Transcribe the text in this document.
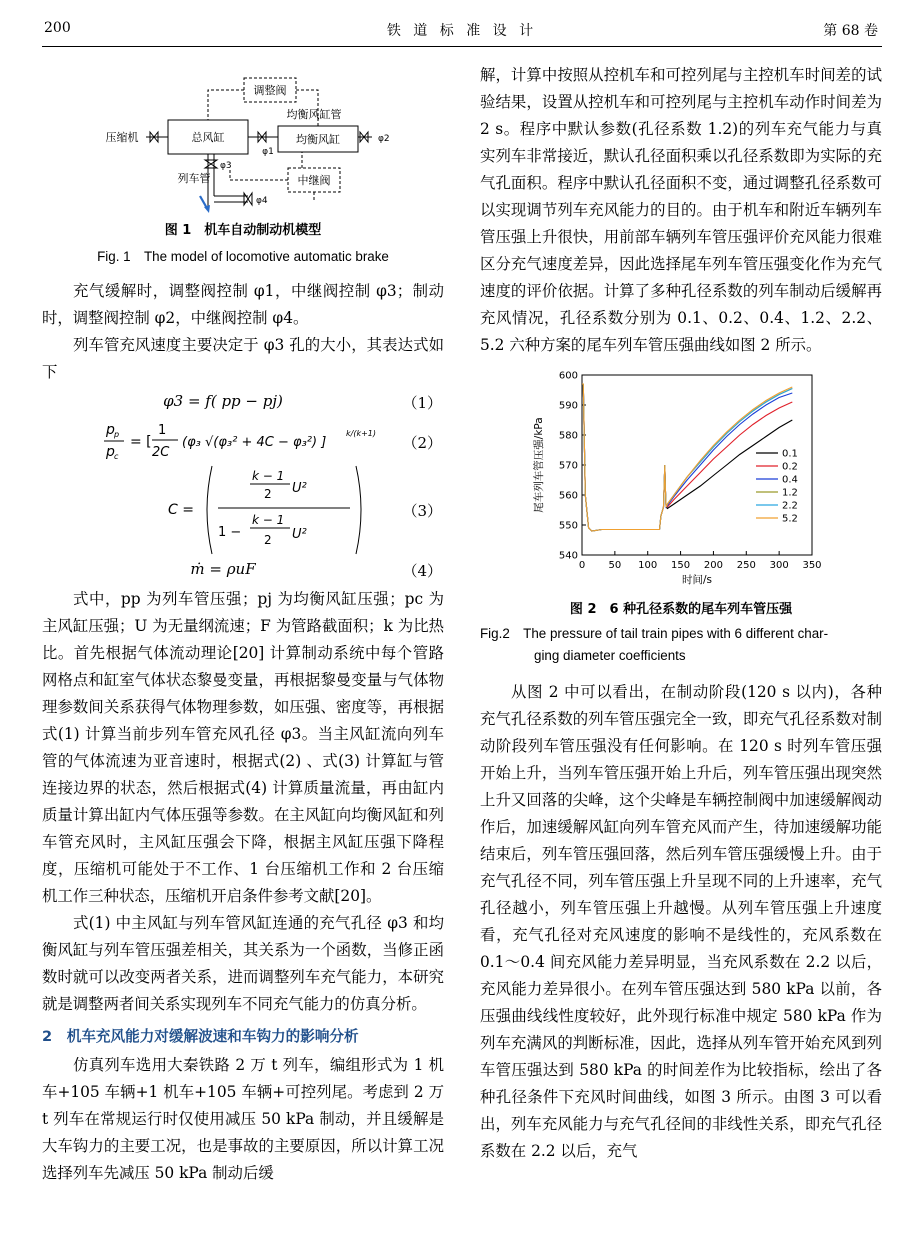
200	铁 道 标 准 设 计	第 68 卷
调整阀
均衡风缸管
压缩机	总风缸
φ1
均衡风缸	φ2
φ3
中继阀
φ4
列车管

图 1　机车自动制动机模型

Fig. 1　The model of locomotive automatic brake

充气缓解时，调整阀控制 φ1，中继阀控制 φ3；制动时，调整阀控制 φ2，中继阀控制 φ4。

列车管充风速度主要决定于 φ3 孔的大小，其表达式如下

φ3 = f( pp − pj)	（1）
p p
p c
= [
1
2C
(φ₃ √(φ₃² + 4C − φ₃²) ]
k/(k+1)
（2）
C =
k − 1
2 U²
1 −
k − 1
2 U²
（3）
ṁ = ρuF	（4）

式中，pp 为列车管压强；pj 为均衡风缸压强；pc 为主风缸压强；U 为无量纲流速；F 为管路截面积；k 为比热比。首先根据气体流动理论[20] 计算制动系统中每个管路网格点和缸室气体状态黎曼变量，再根据黎曼变量与气体物理参数间关系获得气体物理参数，如压强、密度等，再根据式(1) 计算当前步列车管充风孔径 φ3。当主风缸流向列车管的气体流速为亚音速时，根据式(2) 、式(3) 计算缸与管连接边界的状态，然后根据式(4) 计算质量流量，再由缸内质量计算出缸内气体压强等参数。在主风缸向均衡风缸和列车管充风时，主风缸压强会下降，根据主风缸压强下降程度，压缩机可能处于不工作、1 台压缩机工作和 2 台压缩机工作三种状态，压缩机开启条件参考文献[20]。

式(1) 中主风缸与列车管风缸连通的充气孔径 φ3 和均衡风缸与列车管压强差相关，其关系为一个函数，当修正函数时就可以改变两者关系，进而调整列车充气能力，本研究就是调整两者间关系实现列车不同充气能力的仿真分析。

2　机车充风能力对缓解波速和车钩力的影响分析

仿真列车选用大秦铁路 2 万 t 列车，编组形式为 1 机车+105 车辆+1 机车+105 车辆+可控列尾。考虑到 2 万 t 列车在常规运行时仅使用减压 50 kPa 制动，并且缓解是大车钩力的主要工况，也是事故的主要原因，所以计算工况选择列车先减压 50 kPa 制动后缓

解，计算中按照从控机车和可控列尾与主控机车时间差的试验结果，设置从控机车和可控列尾与主控机车动作时间差为 2 s。程序中默认参数(孔径系数 1.2)的列车充气能力与真实列车非常接近，默认孔径面积乘以孔径系数即为实际的充气孔面积。程序中默认孔径面积不变，通过调整孔径系数可以实现调节列车充风能力的目的。由于机车和附近车辆列车管压强上升很快，用前部车辆列车管压强评价充风能力很难区分充气速度差异，因此选择尾车列车管压强变化作为充气速度的评价依据。计算了多种孔径系数的列车制动后缓解再充风情况，孔径系数分别为 0.1、0.2、0.4、1.2、2.2、5.2 六种方案的尾车列车管压强曲线如图 2 所示。

0 50 100 150 200 250 300 350
540
550
560
570
580
590
600
时间/s
尾车列车管压强/kPa	0.1
0.2
0.4
1.2
2.2
5.2

图 2　6 种孔径系数的尾车列车管压强

Fig.2　The pressure of tail train pipes with 6 different char-

ging diameter coefficients

从图 2 中可以看出，在制动阶段(120 s 以内)，各种充气孔径系数的列车管压强完全一致，即充气孔径系数对制动阶段列车管压强没有任何影响。在 120 s 时列车管压强开始上升，当列车管压强开始上升后，列车管压强出现突然上升又回落的尖峰，这个尖峰是车辆控制阀中加速缓解阀动作后，加速缓解风缸向列车管充风而产生，待加速缓解功能结束后，列车管压强回落，然后列车管压强缓慢上升。由于充气孔径不同，列车管压强上升呈现不同的上升速率，充气孔径越小，列车管压强上升越慢。从列车管压强上升速度看，充气孔径对充风速度的影响不是线性的，充风系数在 0.1～0.4 间充风能力差异明显，当充风系数在 2.2 以后，充风能力差异很小。在列车管压强达到 580 kPa 以前，各压强曲线线性度较好，此外现行标准中规定 580 kPa 作为列车充满风的判断标准，因此，选择从列车管开始充风到列车管压强达到 580 kPa 的时间差作为比较指标，绘出了各种孔径条件下充风时间曲线，如图 3 所示。由图 3 可以看出，列车充风能力与充气孔径间的非线性关系，即充气孔径系数在 2.2 以后，充气
